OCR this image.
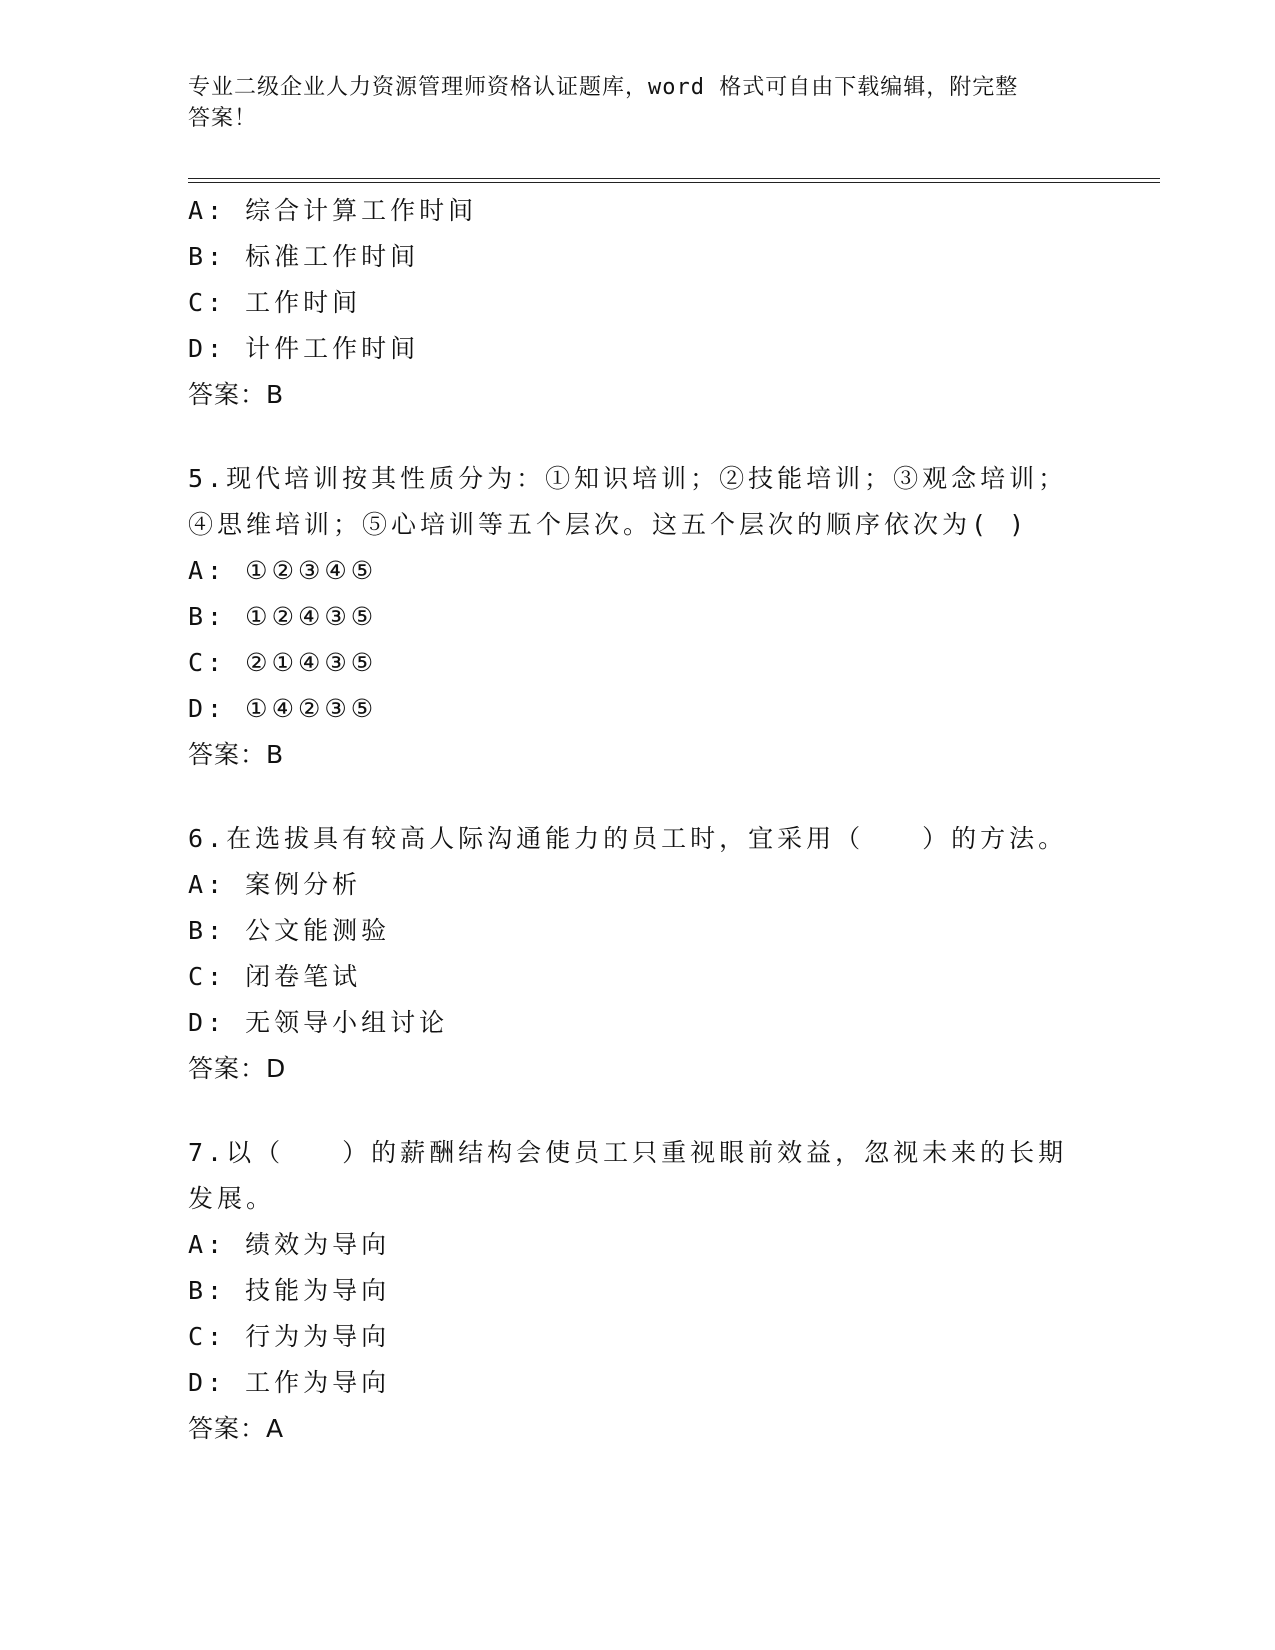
专业二级企业人力资源管理师资格认证题库，word 格式可自由下载编辑，附完整
答案！
A: 综合计算工作时间
B: 标准工作时间
C: 工作时间
D: 计件工作时间
答案：B
5.现代培训按其性质分为：①知识培训；②技能培训；③观念培训；
④思维培训；⑤心培训等五个层次。这五个层次的顺序依次为( )
A: ①②③④⑤
B: ①②④③⑤
C: ②①④③⑤
D: ①④②③⑤
答案：B
6.在选拔具有较高人际沟通能力的员工时，宜采用（　　）的方法。
A: 案例分析
B: 公文能测验
C: 闭卷笔试
D: 无领导小组讨论
答案：D
7.以（　　）的薪酬结构会使员工只重视眼前效益，忽视未来的长期
发展。
A: 绩效为导向
B: 技能为导向
C: 行为为导向
D: 工作为导向
答案：A
